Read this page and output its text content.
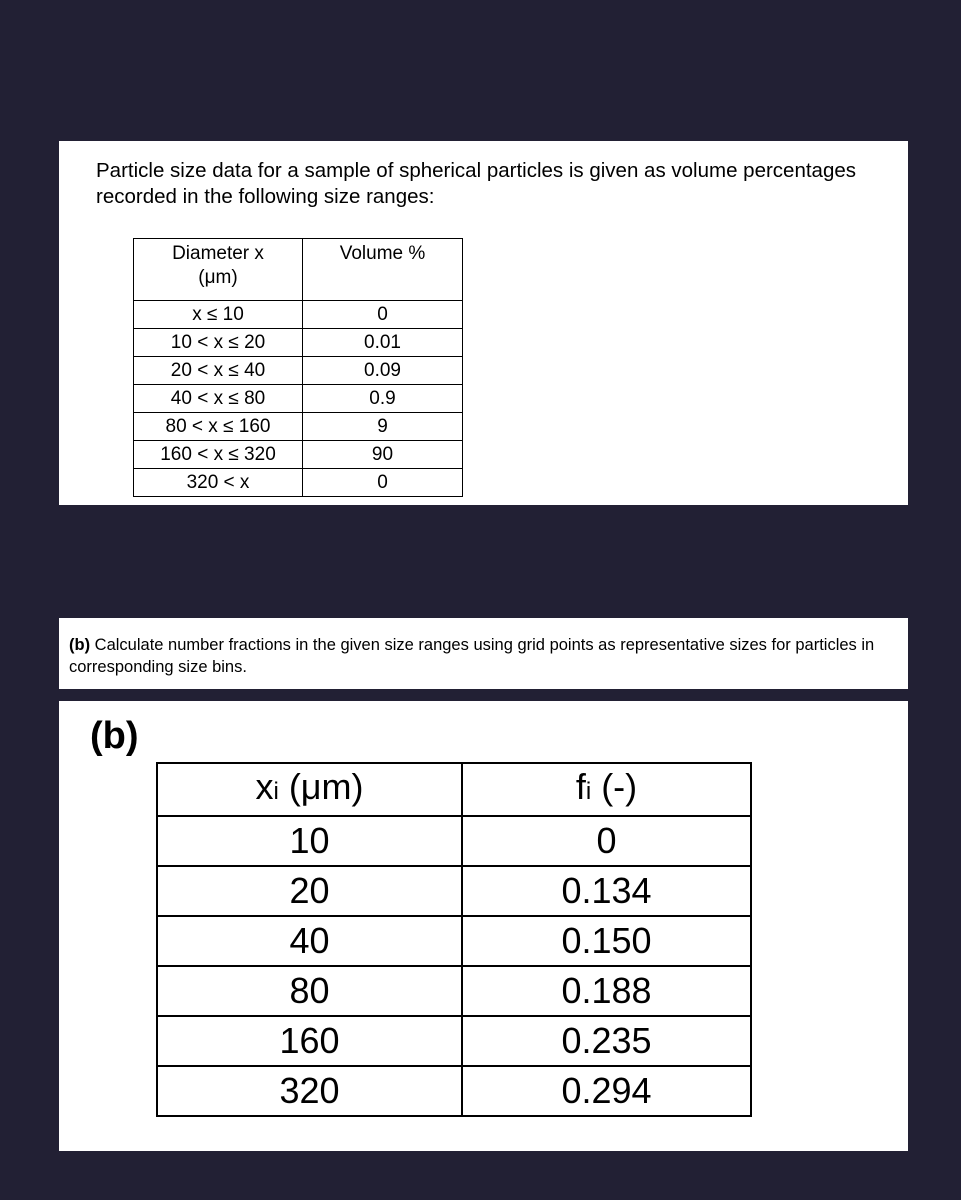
Particle size data for a sample of spherical particles is given as volume percentages recorded in the following size ranges:

Diameter x
(μm)	Volume %
x ≤ 10	0
10 < x ≤ 20	0.01
20 < x ≤ 40	0.09
40 < x ≤ 80	0.9
80 < x ≤ 160	9
160 < x ≤ 320	90
320 < x	0

(b) Calculate number fractions in the given size ranges using grid points as representative sizes for particles in corresponding size bins.

(b)

xi (μm)	fi (-)
10	0
20	0.134
40	0.150
80	0.188
160	0.235
320	0.294
